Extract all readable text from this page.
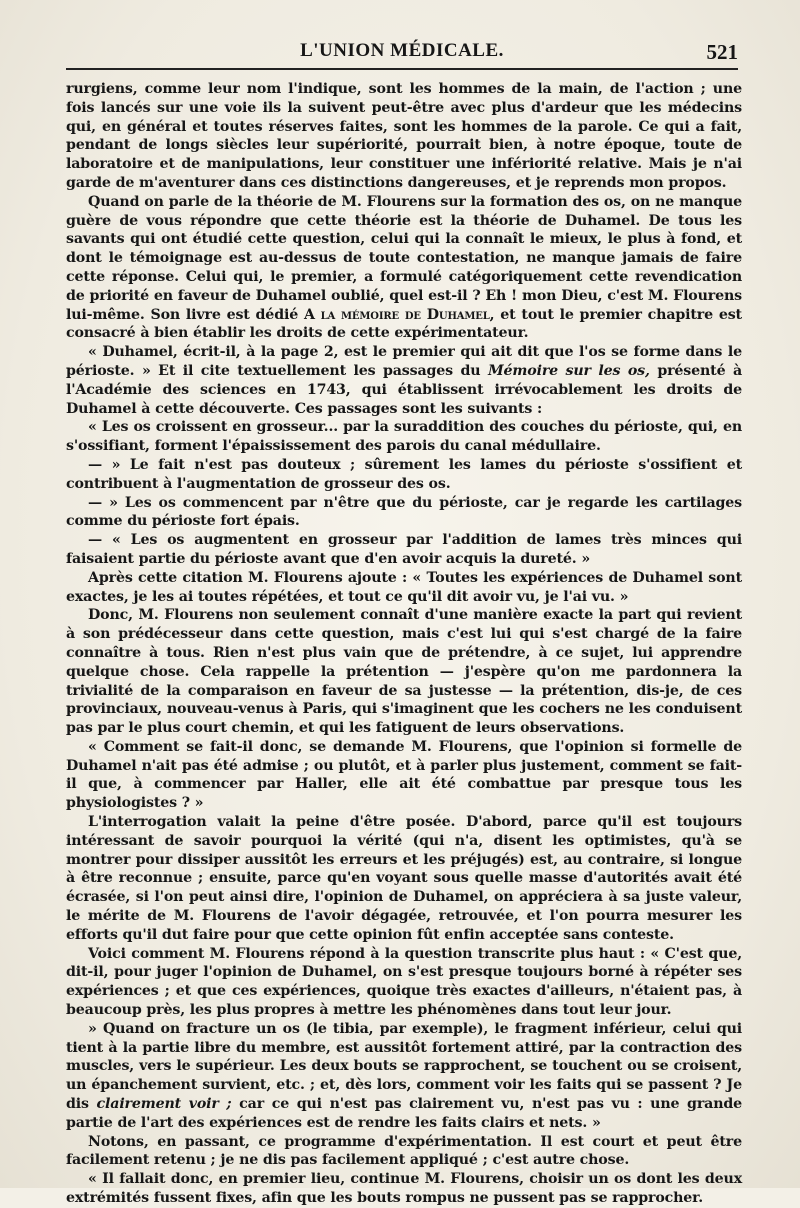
L'UNION MÉDICALE.	521

rurgiens, comme leur nom l'indique, sont les hommes de la main, de l'action ; une fois lancés sur une voie ils la suivent peut-être avec plus d'ardeur que les médecins qui, en général et toutes réserves faites, sont les hommes de la parole. Ce qui a fait, pendant de longs siècles leur supériorité, pourrait bien, à notre époque, toute de laboratoire et de manipulations, leur constituer une infériorité relative. Mais je n'ai garde de m'aventurer dans ces distinctions dangereuses, et je reprends mon propos.

Quand on parle de la théorie de M. Flourens sur la formation des os, on ne manque guère de vous répondre que cette théorie est la théorie de Duhamel. De tous les savants qui ont étudié cette question, celui qui la connaît le mieux, le plus à fond, et dont le témoignage est au-dessus de toute contestation, ne manque jamais de faire cette réponse. Celui qui, le premier, a formulé catégoriquement cette revendication de priorité en faveur de Duhamel oublié, quel est-il ? Eh ! mon Dieu, c'est M. Flourens lui-même. Son livre est dédié A la mémoire de Duhamel, et tout le premier chapitre est consacré à bien établir les droits de cette expérimentateur.

« Duhamel, écrit-il, à la page 2, est le premier qui ait dit que l'os se forme dans le périoste. » Et il cite textuellement les passages du Mémoire sur les os, présenté à l'Académie des sciences en 1743, qui établissent irrévocablement les droits de Duhamel à cette découverte. Ces passages sont les suivants :

« Les os croissent en grosseur... par la suraddition des couches du périoste, qui, en s'ossifiant, forment l'épaississement des parois du canal médullaire.

— » Le fait n'est pas douteux ; sûrement les lames du périoste s'ossifient et contribuent à l'augmentation de grosseur des os.

— » Les os commencent par n'être que du périoste, car je regarde les cartilages comme du périoste fort épais.

— « Les os augmentent en grosseur par l'addition de lames très minces qui faisaient partie du périoste avant que d'en avoir acquis la dureté. »

Après cette citation M. Flourens ajoute : « Toutes les expériences de Duhamel sont exactes, je les ai toutes répétées, et tout ce qu'il dit avoir vu, je l'ai vu. »

Donc, M. Flourens non seulement connaît d'une manière exacte la part qui revient à son prédécesseur dans cette question, mais c'est lui qui s'est chargé de la faire connaître à tous. Rien n'est plus vain que de prétendre, à ce sujet, lui apprendre quelque chose. Cela rappelle la prétention — j'espère qu'on me pardonnera la trivialité de la comparaison en faveur de sa justesse — la prétention, dis-je, de ces provinciaux, nouveau-venus à Paris, qui s'imaginent que les cochers ne les conduisent pas par le plus court chemin, et qui les fatiguent de leurs observations.

« Comment se fait-il donc, se demande M. Flourens, que l'opinion si formelle de Duhamel n'ait pas été admise ; ou plutôt, et à parler plus justement, comment se fait-il que, à commencer par Haller, elle ait été combattue par presque tous les physiologistes ? »

L'interrogation valait la peine d'être posée. D'abord, parce qu'il est toujours intéressant de savoir pourquoi la vérité (qui n'a, disent les optimistes, qu'à se montrer pour dissiper aussitôt les erreurs et les préjugés) est, au contraire, si longue à être reconnue ; ensuite, parce qu'en voyant sous quelle masse d'autorités avait été écrasée, si l'on peut ainsi dire, l'opinion de Duhamel, on appréciera à sa juste valeur, le mérite de M. Flourens de l'avoir dégagée, retrouvée, et l'on pourra mesurer les efforts qu'il dut faire pour que cette opinion fût enfin acceptée sans conteste.

Voici comment M. Flourens répond à la question transcrite plus haut : « C'est que, dit-il, pour juger l'opinion de Duhamel, on s'est presque toujours borné à répéter ses expériences ; et que ces expériences, quoique très exactes d'ailleurs, n'étaient pas, à beaucoup près, les plus propres à mettre les phénomènes dans tout leur jour.

» Quand on fracture un os (le tibia, par exemple), le fragment inférieur, celui qui tient à la partie libre du membre, est aussitôt fortement attiré, par la contraction des muscles, vers le supérieur. Les deux bouts se rapprochent, se touchent ou se croisent, un épanchement survient, etc. ; et, dès lors, comment voir les faits qui se passent ? Je dis clairement voir ; car ce qui n'est pas clairement vu, n'est pas vu : une grande partie de l'art des expériences est de rendre les faits clairs et nets. »

Notons, en passant, ce programme d'expérimentation. Il est court et peut être facilement retenu ; je ne dis pas facilement appliqué ; c'est autre chose.

« Il fallait donc, en premier lieu, continue M. Flourens, choisir un os dont les deux extrémités fussent fixes, afin que les bouts rompus ne pussent pas se rapprocher.
